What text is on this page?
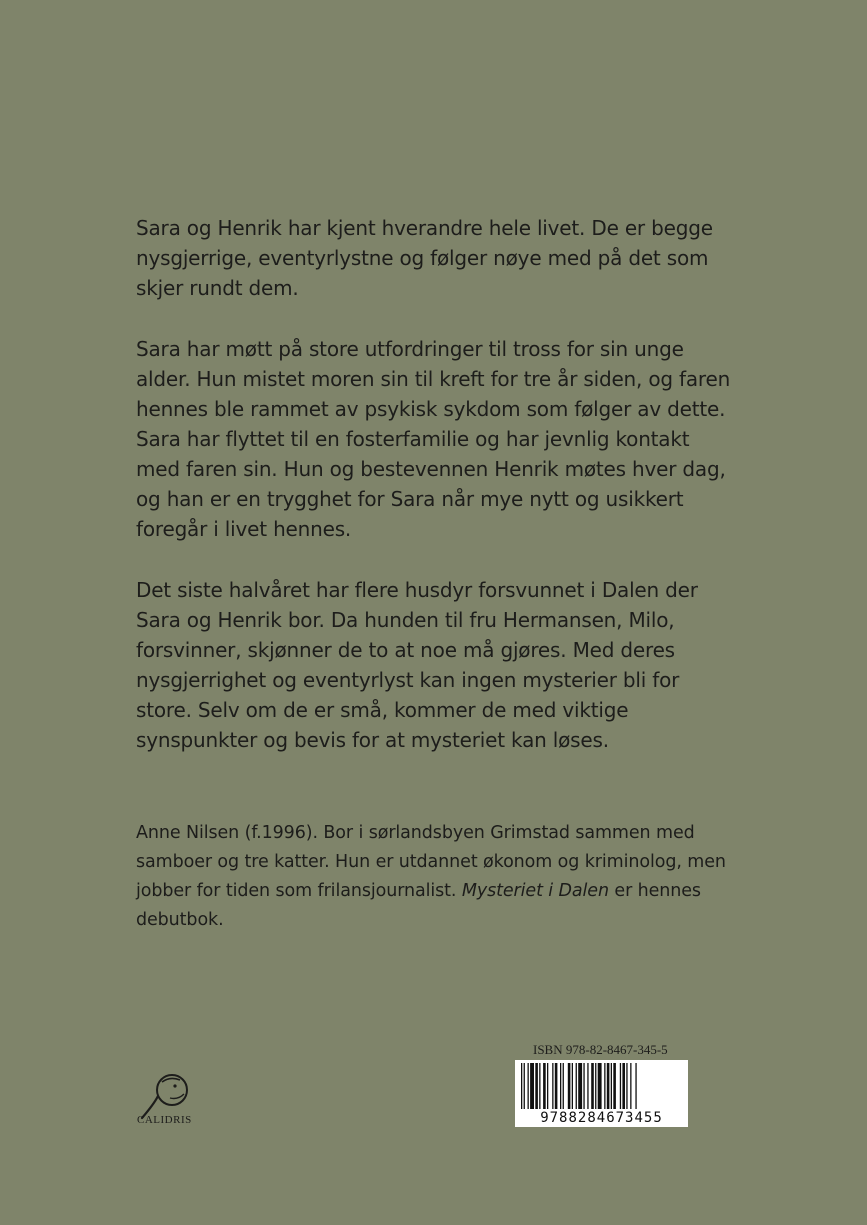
Sara og Henrik har kjent hverandre hele livet. De er begge nysgjerrige, eventyrlystne og følger nøye med på det som skjer rundt dem.

Sara har møtt på store utfordringer til tross for sin unge alder. Hun mistet moren sin til kreft for tre år siden, og faren hennes ble rammet av psykisk sykdom som følger av dette. Sara har flyttet til en fosterfamilie og har jevnlig kontakt med faren sin. Hun og bestevennen Henrik møtes hver dag, og han er en trygghet for Sara når mye nytt og usikkert foregår i livet hennes.

Det siste halvåret har flere husdyr forsvunnet i Dalen der Sara og Henrik bor. Da hunden til fru Hermansen, Milo, forsvinner, skjønner de to at noe må gjøres. Med deres nysgjerrighet og eventyrlyst kan ingen mysterier bli for store. Selv om de er små, kommer de med viktige synspunkter og bevis for at mysteriet kan løses.

Anne Nilsen (f.1996). Bor i sørlandsbyen Grimstad sammen med samboer og tre katter. Hun er utdannet økonom og kriminolog, men jobber for tiden som frilansjournalist. Mysteriet i Dalen er hennes debutbok.
CALIDRIS
ISBN 978-82-8467-345-5
9788284673455
